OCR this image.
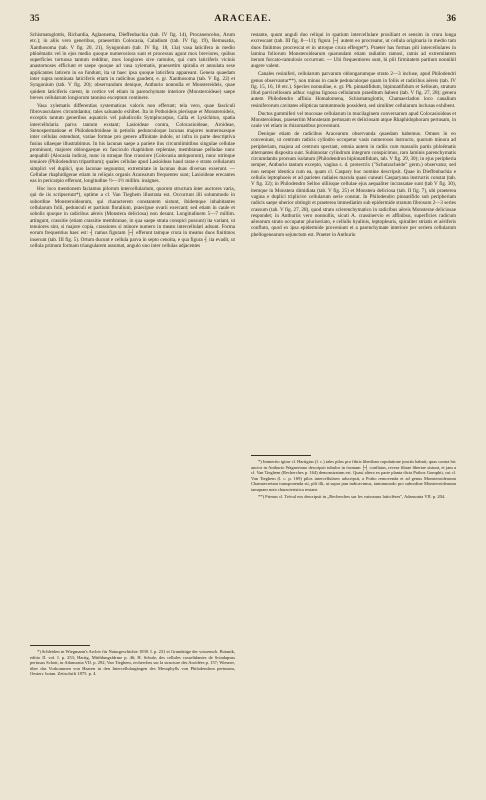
35	ARACEAE.	36

Schismatoglottis, Richardia, Aglaonema, Dieffenbachia (tab. IV fig. 14), Procanencelus, Arum etc.); in aliis vero generibus, praesertim Colocasia, Caladium (tab. IV fig. 19), Remusatia, Xanthosoma (tab. V fig. 20, 21), Syngonium (tab. IV fig. 18, 13a) vasa laticifera in medio phloëmatis vel in ejus medio quoque numerosiora sunt et processus agunt mox breviores, quibus superficies tortuosa tantum redditur, mox longiores sive ramulos, qui cum laticiferis vicinis anastomoses efficiunt et saepe quoque ad vasa xylematis, praesertim spiralia et annulata sese applicantes laticem in ea fundunt, ita ut haec ipsa quoque laticifera appareant. Genera quaedam inter supra nominata laticiferis etiam in radicibus gaudent, e. gr. Xanthosoma (tab. V fig. 22) et Syngonium (tab. V fig. 20); observandum denique, Anthurio nonnulla et Monstereideis, quae quidem laticiferis carent, in cortice vel etiam in parenchymate interiore (Monsteroideae) saepe breves cellularum longiorum tannino exceptum continere.

Vasa xylematis differentias systematicas valoris non efferunt; tela vero, quae fasciculi fibrovasculares circumdantur, tales saluando exhibet. Ita in Pothoideis plerisque et Monsteroideis, exceptis tantum generibus aquaticis vel paludicolis Symplocarpus, Calla et Lysichiton, spatia intercellularia parva tantum exstant; Lasioideae contra, Colocasioideae, Aroideae, Stenospermatieae et Philodendroideae in petiolis pedunculoque lacunas majores numerosasque inter cellulas ostendunt, variae formae pro genere affinitate indole, ut infra in parte descriptiva fusius ullaeque illustrabimus. In his lacunas saepe a pariete ilus circumlimitibus singulae cellulae prominunt, majores oblongaeque ex fasciculo rhaphidum replentae, membranae pelludae nunc aequabili (Alocasia indica), nunc in utraque fine crassiore (Colocasia antiquorum), nunc utrinque tenuiore (Philodendron tripartitum); quales cellulae apud Lasioideas haud rarae e strato cellularum simplici vel duplici, quo lacunae seguuntur, extremitate in lacunas duas diversas exserunt. — Cellulae rhaphidigerae etiam in reliquis organis Aracearum frequentes sunt; Lasioideae erecantes eas in pericarpio efferunt, longitudine ½—1½ millim. insignes.

Hoc loco mentionem faciamus pilorum intercellularium, quorum structura inter auctores varia, qui de iis scripserunt*), optime a cl. Van Tieghem illustrata est. Occurrunt illi solummodo in subordine Monsteroidearum, qui characterem constantem sistunt, ibidemque inhabitantes cellularum folii, pedunculi et partium floralium, praecipue ovarii exercant; sed etiam in caule et sobolis quoque in radicibus aëreis (Monstera deliciosa) non desunt. Longitudinem 5—7 millim. attingunt, crassitie (etiam crassitie membranae, in qua saepe strata conspici possunt) ita variant, ut tenuiores sint, si majore copia, crassiores si minore numero in meatu intercellulari adsunt. Forma eorum frequentius haec est: ┤ ramus figuram ├┤ efferunt tamque crura in meatus duos finitimos inserunt (tab. III fig. 5). Ortum ducunt e cellula parva in septo cenoita, e qua figura ┤ ita evadit, ut cellula primum formam triangularem assumat, angulo uno inter cellulas adjacentes

*) Schleiden in Wiegmann's Archiv für Naturgeschichte 1839. I. p. 231 et Grundzüge der wissensch. Botanik, editio II. vol. I. p. 253; Hartig, Mitthlungsfdrme p. 46; H. Schulz, des cellules cosselidantes de Scindapsus pertusus Schott, in Adansonia VII. p. 292; Van Tieghem, recherches sur la structure des Aroïdées p. 157; Wiesner, über das Vorkommen von Haaren in den Intercellulargängen des Mesophylls von Philodendron pertusum, Oesterr. botan. Zeitschrift 1875. p. 4.

restante, quum anguli duo reliqui in spatium intercellulare prosiliant et sensim in crura longa excrescant (tab. III fig. 8—11); figura ├┤ autem eo procreatur, ut cellula originaria in medio tam duos finitimos procrescat et in utroque crura efferget*). Praeter has formas pili intercellulares in lamina foliorum Monsteroidearum quarundam etiam radiatim ramosi, ramis ad extremitatem iterum furcato-ramulosis occurrunt. — Ubi frequentiores sunt, hi pili firmitatem partium nonnihil augere valent.

Canales resiniferi, cellularum parvarum oblongarumque strato 2—3 incluse, apud Philodendri genus observantur**), non minus in caule pedunculoque quam in foliis et radicibus aëreis (tab. IV fig. 15, 16, 18 etc.). Species nonnullae, e. gr. Ph. pinnatifidum, bipinnatifidum et Selloum, stratum illud parvicellosum adhuc vagina lignosa cellularum praeditum habent (tab. V fig. 27, 28); genera autem Philodendro affinia Homalomena, Schismatoglottis, Chamaecladon loco canalium resiniferorum cavitates ellipticas tantummodo possident, sed similiter cellularum inclusas exhibent.

Ductus gummiferi vel mucosae cellularum in mucilaginem conversarum apud Colocasioideas et Monsteroideas, praesertim Monsteram pertusam et deliciosam atque Rhaphidophoram pertusam, in caule vel etiam in rhizomatibus proveniunt.

Denique etiam de radicibus Aracearum observanda quaedam habemus. Omnes in eo conveniunt, ut centrum radicis cylindro occupetur vasis numerosos instructo, quorum minora ad peripheriam, majora ad centrum spectant, omnia autem in radiis cum massulis partis phloëmatis alternantes disposita sunt. Subinnotar cylindrum integrum conspicimus, raro laminis parenchymatis circumdantis prorsum isolatum (Philodendron bipinnatifidum, tab. V fig. 29, 30); in ejus peripheria semper, Anthurio tantum excepto, vagina s. d. protectrix ("Schutzscheide" germ.) observatur, sed non semper identica cum ea, quam cl. Caspary hoc nomine descripsit. Quae in Dieffenbachia e cellulis leptophoeis et ad parietes radiales macula quasi cuneati Casparyana instructis constat (tab. V fig. 32); in Philodendro Selloo ulliisque cellulae ejus aequaliter incrassatae sunt (tab V fig. 30), itemque in Monstera dimidiata (tab. V fig. 25) et Monstera deliciosa (tab. II fig. 7), ubi praeterea vagina e duplici triplicive cellularum serie constat. In Philodendro pinnatifido sub peripheriam radicis saepe uberior obtingit et praeterea immediatim sub epidermide stratum fibrosum 2—3 series crassum (tab. V fig. 27, 28), quod strato sclerenchymatico in radicibus aëreis Monsterae deliciosae respondet; in Anthuriis vero nonnullis, sicuti A. crassinervio et affinibus, superficies radicum aërearum strato occupatur pluriseriato, e cellulis hyalinis, leptopleuris, spiraliter striatis et aëriferis confluto, quod ex ipsa epidermide proveniunt et a parenchymate interiore per seriem cellularum phellogenearum sejunctum est. Praeter in Anthurio

*) Immerito igitur cl. Hartigius (l. c.) tales pilos pro fibris liberiban copulatione junctis habuit; quas contra hic auctor in Anthurio Wagneriano descripsit tubulos in formam ├┤ conflatas, revera fibrae liberiae sistunt, et jam a cl. Van Tieghem (Recherches p. 164) demonstratum est. Quasi altera ex parte planta dicta Pothos Gomphii, cui cl. Van Tieghem (l. c. p. 169) pilos intercellulares adscripsit, a Potho removenda et ad genus Monsteroidearum Chamaecretam transponenda sit, pili illi, ut supra jam indicavimus, tantummodo pro subordine Monsteroidearum tamquam nota characteristica restant.

**) Primus cl. Tréc​ul eos descripsit in „Recherches sur les vaisseaux laticifères", Adansonia VII. p. 204.
